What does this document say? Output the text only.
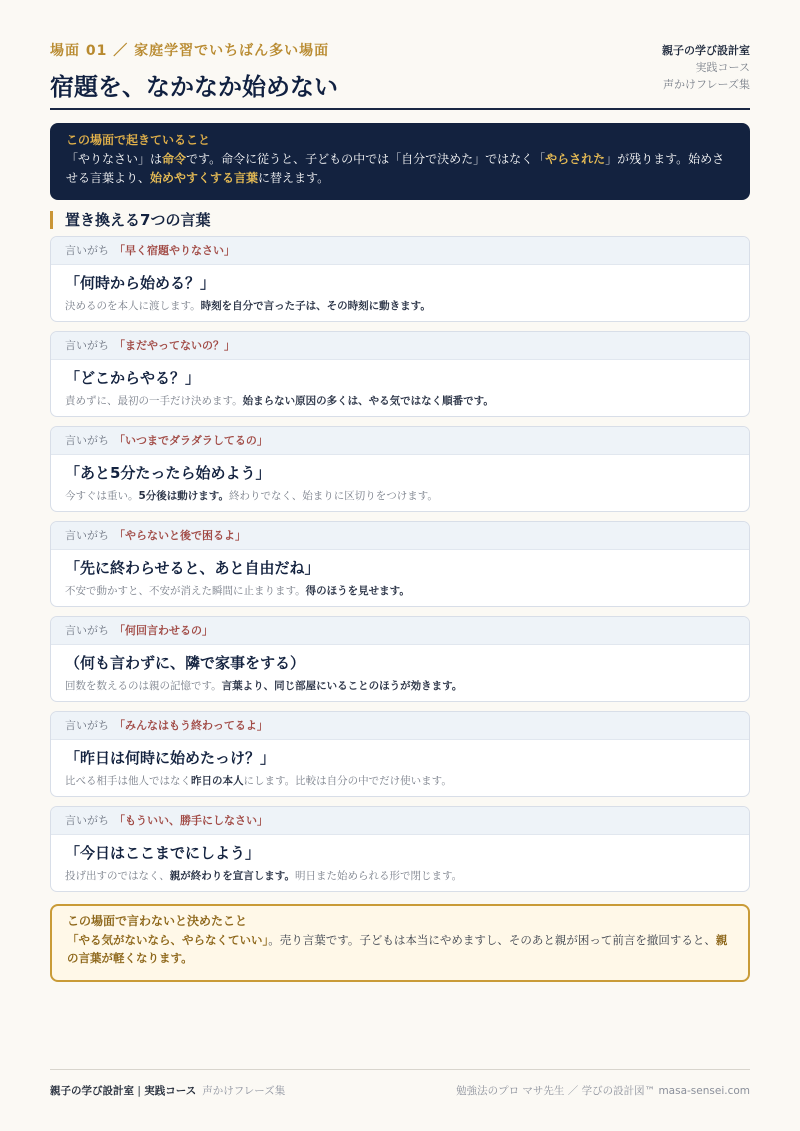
場面 01 ／ 家庭学習でいちばん多い場面
宿題を、なかなか始めない
親子の学び設計室
実践コース
声かけフレーズ集
この場面で起きていること
「やりなさい」は命令です。命令に従うと、子どもの中では「自分で決めた」ではなく「やらされた」が残ります。始めさせる言葉より、始めやすくする言葉に替えます。
置き換える7つの言葉
言いがち 「早く宿題やりなさい」
「何時から始める？」
決めるのを本人に渡します。時刻を自分で言った子は、その時刻に動きます。
言いがち 「まだやってないの？」
「どこからやる？」
責めずに、最初の一手だけ決めます。始まらない原因の多くは、やる気ではなく順番です。
言いがち 「いつまでダラダラしてるの」
「あと5分たったら始めよう」
今すぐは重い。5分後は動けます。終わりでなく、始まりに区切りをつけます。
言いがち 「やらないと後で困るよ」
「先に終わらせると、あと自由だね」
不安で動かすと、不安が消えた瞬間に止まります。得のほうを見せます。
言いがち 「何回言わせるの」
（何も言わずに、隣で家事をする）
回数を数えるのは親の記憶です。言葉より、同じ部屋にいることのほうが効きます。
言いがち 「みんなはもう終わってるよ」
「昨日は何時に始めたっけ？」
比べる相手は他人ではなく昨日の本人にします。比較は自分の中でだけ使います。
言いがち 「もういい、勝手にしなさい」
「今日はここまでにしよう」
投げ出すのではなく、親が終わりを宣言します。明日また始められる形で閉じます。
この場面で言わないと決めたこと
「やる気がないなら、やらなくていい」。売り言葉です。子どもは本当にやめますし、そのあと親が困って前言を撤回すると、親の言葉が軽くなります。
親子の学び設計室 | 実践コース 声かけフレーズ集	勉強法のプロ マサ先生 ／ 学びの設計図™ masa-sensei.com
